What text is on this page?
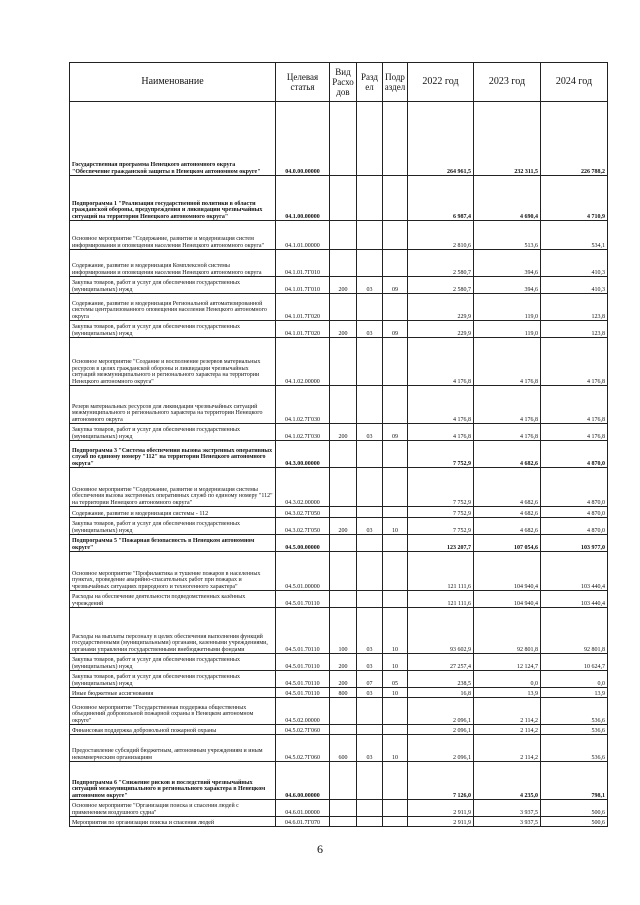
Наименование	Целевая статья	Вид Расхо дов	Разд ел	Подр аздел	2022 год	2023 год	2024 год
Государственная программа Ненецкого автономного округа "Обеспечение гражданской защиты в Ненецком автономном округе"	04.0.00.00000				264 961,5	232 311,5	226 788,2
Подпрограмма 1 "Реализация государственной политики в области гражданской обороны, предупреждения и ликвидации чрезвычайных ситуаций на территории Ненецкого автономного округа"	04.1.00.00000				6 987,4	4 690,4	4 710,9
Основное мероприятие "Содержание, развитие и модернизация систем информирования и оповещения населения Ненецкого автономного округа"	04.1.01.00000				2 810,6	513,6	534,1
Содержание, развитие и модернизация Комплексной системы информирования и оповещения населения Ненецкого автономного округа	04.1.01.7Г010				2 580,7	394,6	410,3
Закупка товаров, работ и услуг для обеспечения государственных (муниципальных) нужд	04.1.01.7Г010	200	03	09	2 580,7	394,6	410,3
Содержание, развитие и модернизация Региональной автоматизированной системы централизованного оповещения населения Ненецкого автономного округа	04.1.01.7Г020				229,9	119,0	123,8
Закупка товаров, работ и услуг для обеспечения государственных (муниципальных) нужд	04.1.01.7Г020	200	03	09	229,9	119,0	123,8
Основное мероприятие "Создание и восполнение резервов материальных ресурсов в целях гражданской обороны и ликвидации чрезвычайных ситуаций межмуниципального и регионального характера на территории Ненецкого автономного округа"	04.1.02.00000				4 176,8	4 176,8	4 176,8
Резерв материальных ресурсов для ликвидации чрезвычайных ситуаций межмуниципального и регионального характера на территории Ненецкого автономного округа	04.1.02.7Г030				4 176,8	4 176,8	4 176,8
Закупка товаров, работ и услуг для обеспечения государственных (муниципальных) нужд	04.1.02.7Г030	200	03	09	4 176,8	4 176,8	4 176,8
Подпрограмма 3 "Система обеспечения вызова экстренных оперативных служб по единому номеру "112" на территории Ненецкого автономного округа"	04.3.00.00000				7 752,9	4 682,6	4 870,0
Основное мероприятие "Содержание, развитие и модернизация системы обеспечения вызова экстренных оперативных служб по единому номеру "112" на территории Ненецкого автономного округа"	04.3.02.00000				7 752,9	4 682,6	4 870,0
Содержание, развитие и модернизация системы - 112	04.3.02.7Г050				7 752,9	4 682,6	4 870,0
Закупка товаров, работ и услуг для обеспечения государственных (муниципальных) нужд	04.3.02.7Г050	200	03	10	7 752,9	4 682,6	4 870,0
Подпрограмма 5 "Пожарная безопасность в Ненецком автономном округе"	04.5.00.00000				123 207,7	107 054,6	103 977,0
Основное мероприятие "Профилактика и тушение пожаров в населенных пунктах, проведение аварийно-спасательных работ при пожарах и чрезвычайных ситуациях природного и техногенного характера"	04.5.01.00000				121 111,6	104 940,4	103 440,4
Расходы на обеспечение деятельности подведомственных казённых учреждений	04.5.01.70110				121 111,6	104 940,4	103 440,4
Расходы на выплаты персоналу в целях обеспечения выполнения функций государственными (муниципальными) органами, казенными учреждениями, органами управления государственными внебюджетными фондами	04.5.01.70110	100	03	10	93 602,9	92 801,8	92 801,8
Закупка товаров, работ и услуг для обеспечения государственных (муниципальных) нужд	04.5.01.70110	200	03	10	27 257,4	12 124,7	10 624,7
Закупка товаров, работ и услуг для обеспечения государственных (муниципальных) нужд	04.5.01.70110	200	07	05	238,5	0,0	0,0
Иные бюджетные ассигнования	04.5.01.70110	800	03	10	16,8	13,9	13,9
Основное мероприятие "Государственная поддержка общественных объединений добровольной пожарной охраны в Ненецком автономном округе"	04.5.02.00000				2 096,1	2 114,2	536,6
Финансовая поддержка добровольной пожарной охраны	04.5.02.7Г060				2 096,1	2 114,2	536,6
Предоставление субсидий бюджетным, автономным учреждениям и иным некоммерческим организациям	04.5.02.7Г060	600	03	10	2 096,1	2 114,2	536,6
Подпрограмма 6 "Снижение рисков и последствий чрезвычайных ситуаций межмуниципального и регионального характера в Ненецком автономном округе"	04.6.00.00000				7 126,0	4 235,0	798,1
Основное мероприятие "Организация поиска и спасения людей с применением воздушного судна"	04.6.01.00000				2 911,9	3 937,5	500,6
Мероприятия по организации поиска и спасения людей	04.6.01.7Г070				2 911,9	3 937,5	500,6
6
